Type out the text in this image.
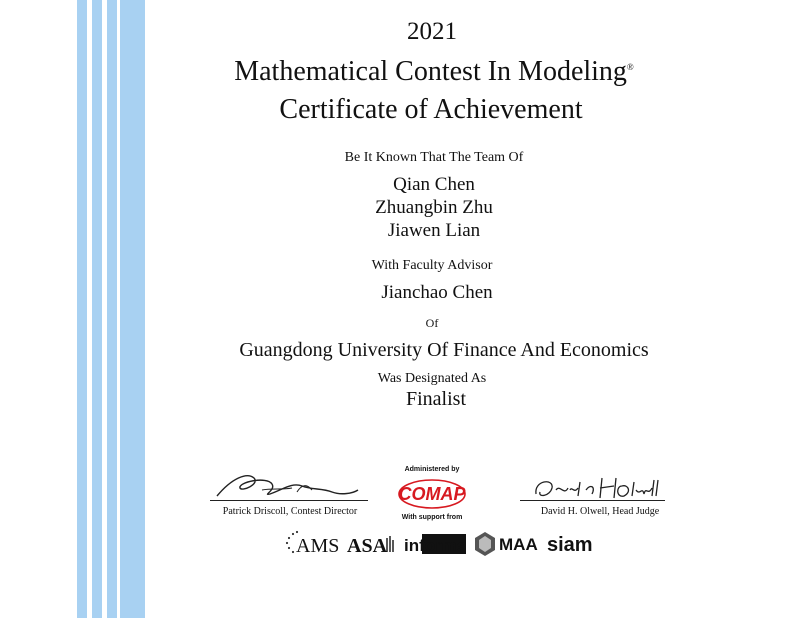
2021
Mathematical Contest In Modeling®
Certificate of Achievement
Be It Known That The Team Of
Qian Chen
Zhuangbin Zhu
Jiawen Lian
With Faculty Advisor
Jianchao Chen
Of
Guangdong University Of Finance And Economics
Was Designated As
Finalist
Patrick Driscoll, Contest Director	David H. Olwell, Head Judge
Administered by
COMAP
With support from
AMS ASA informs MAA siam
